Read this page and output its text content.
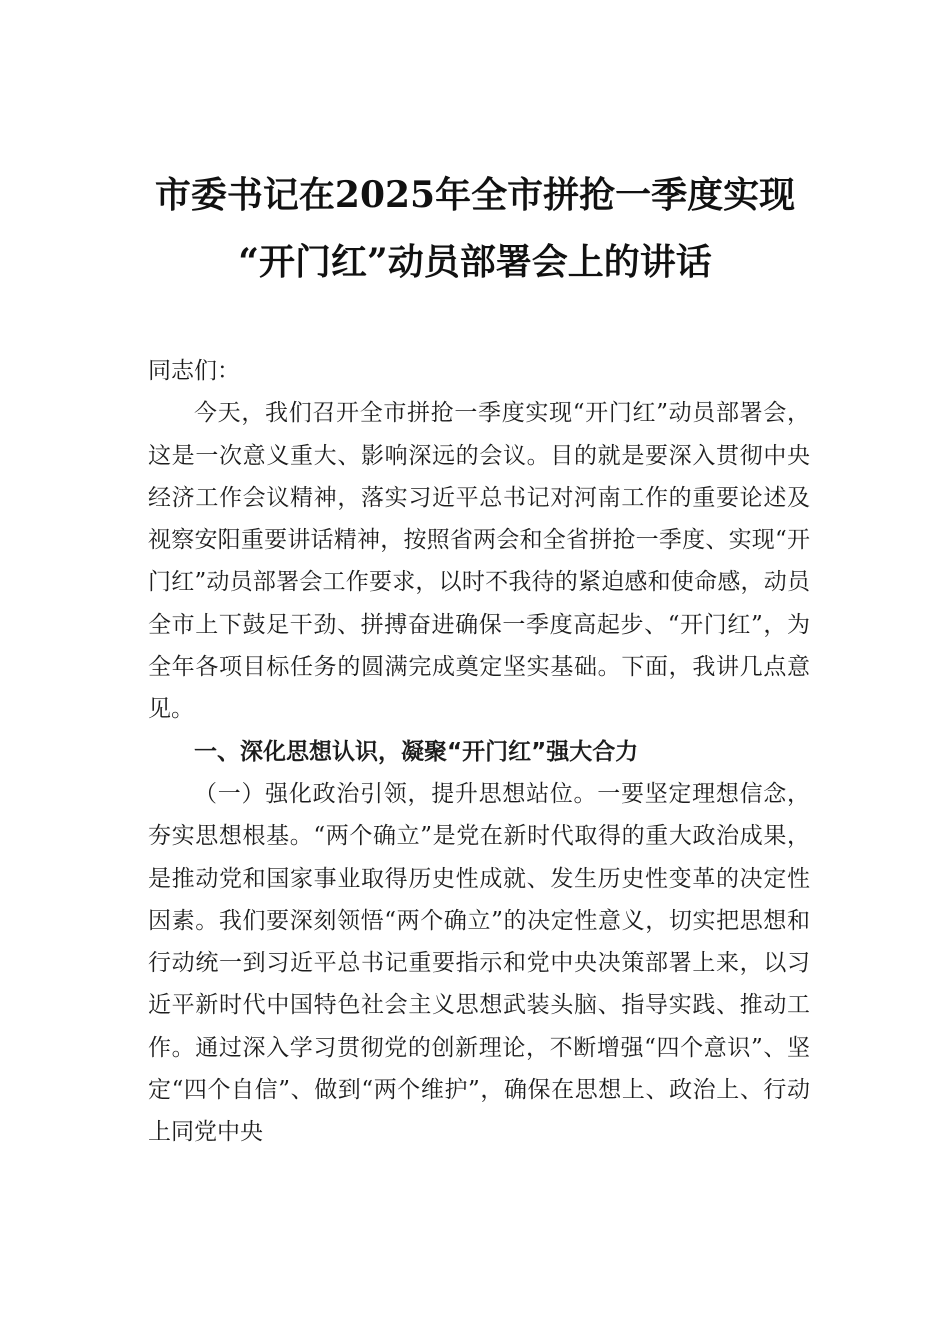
市委书记在2025年全市拼抢一季度实现
“开门红”动员部署会上的讲话

同志们：

今天，我们召开全市拼抢一季度实现“开门红”动员部署会，这是一次意义重大、影响深远的会议。目的就是要深入贯彻中央经济工作会议精神，落实习近平总书记对河南工作的重要论述及视察安阳重要讲话精神，按照省两会和全省拼抢一季度、实现“开门红”动员部署会工作要求，以时不我待的紧迫感和使命感，动员全市上下鼓足干劲、拼搏奋进确保一季度高起步、“开门红”，为全年各项目标任务的圆满完成奠定坚实基础。下面，我讲几点意见。

一、深化思想认识，凝聚“开门红”强大合力

（一）强化政治引领，提升思想站位。一要坚定理想信念，夯实思想根基。“两个确立”是党在新时代取得的重大政治成果，是推动党和国家事业取得历史性成就、发生历史性变革的决定性因素。我们要深刻领悟“两个确立”的决定性意义，切实把思想和行动统一到习近平总书记重要指示和党中央决策部署上来，以习近平新时代中国特色社会主义思想武装头脑、指导实践、推动工作。通过深入学习贯彻党的创新理论，不断增强“四个意识”、坚定“四个自信”、做到“两个维护”，确保在思想上、政治上、行动上同党中央
